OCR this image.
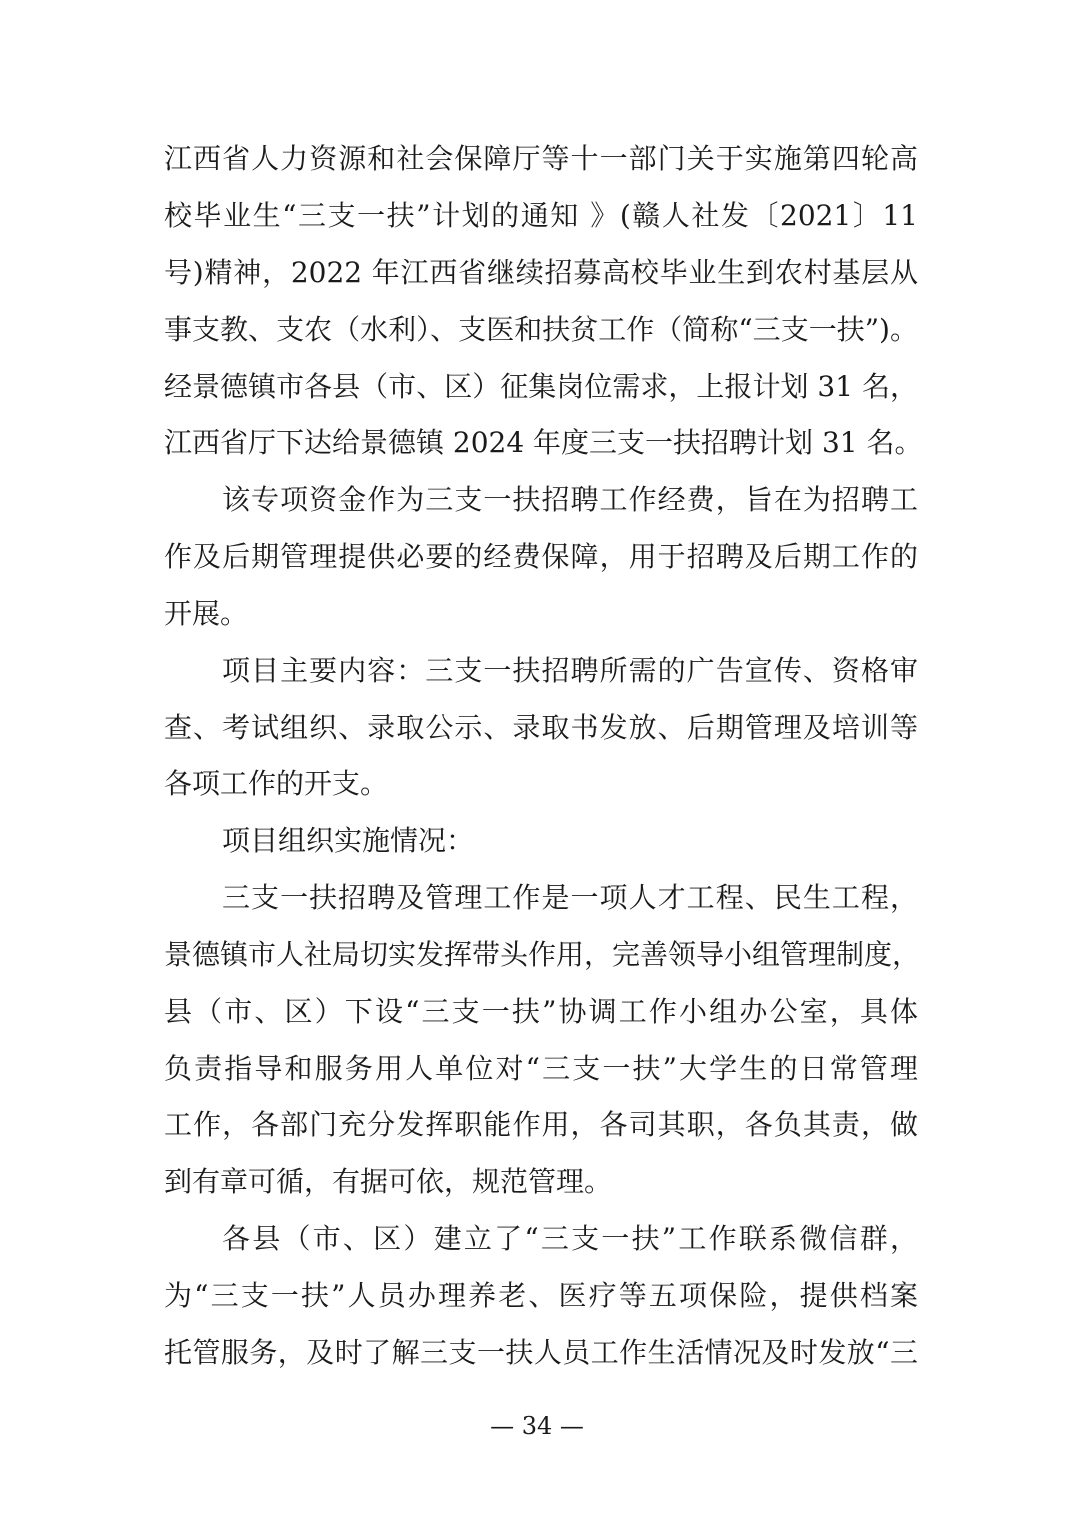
江西省人力资源和社会保障厅等十一部门关于实施第四轮高
校毕业生“三支一扶”计划的通知 》(赣人社发〔2021〕11
号)精神，2022 年江西省继续招募高校毕业生到农村基层从
事支教、支农（水利）、支医和扶贫工作（简称“三支一扶”)。
经景德镇市各县（市、区）征集岗位需求，上报计划 31 名，
江西省厅下达给景德镇 2024 年度三支一扶招聘计划 31 名。
该专项资金作为三支一扶招聘工作经费，旨在为招聘工
作及后期管理提供必要的经费保障，用于招聘及后期工作的
开展。
项目主要内容：三支一扶招聘所需的广告宣传、资格审
查、考试组织、录取公示、录取书发放、后期管理及培训等
各项工作的开支。
项目组织实施情况：
三支一扶招聘及管理工作是一项人才工程、民生工程，
景德镇市人社局切实发挥带头作用，完善领导小组管理制度，
县（市、区）下设“三支一扶”协调工作小组办公室，具体
负责指导和服务用人单位对“三支一扶”大学生的日常管理
工作，各部门充分发挥职能作用，各司其职，各负其责，做
到有章可循，有据可依，规范管理。
各县（市、区）建立了“三支一扶”工作联系微信群，
为“三支一扶”人员办理养老、医疗等五项保险，提供档案
托管服务，及时了解三支一扶人员工作生活情况及时发放“三
— 34 —
